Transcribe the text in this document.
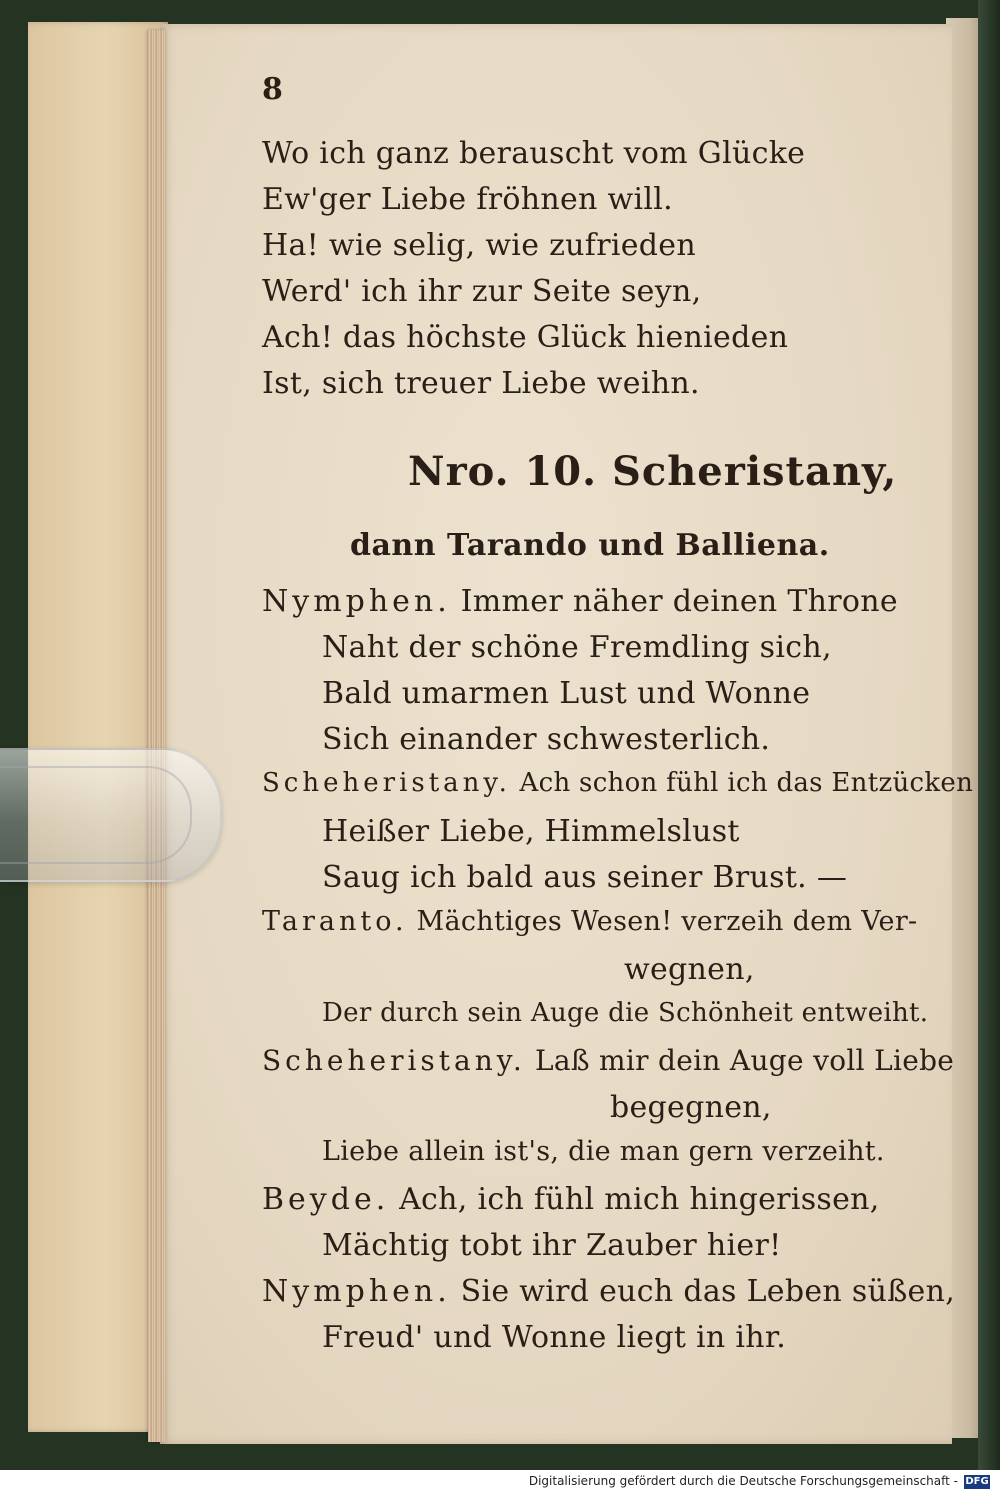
8
Wo ich ganz berauscht vom Glücke
Ew'ger Liebe fröhnen will.
Ha! wie selig, wie zufrieden
Werd' ich ihr zur Seite seyn,
Ach! das höchste Glück hienieden
Ist, sich treuer Liebe weihn.
Nro. 10. Scheristany,
dann Tarando und Balliena.
Nymphen. Immer näher deinen Throne
Naht der schöne Fremdling sich,
Bald umarmen Lust und Wonne
Sich einander schwesterlich.
Scheheristany. Ach schon fühl ich das Entzücken
Heißer Liebe, Himmelslust
Saug ich bald aus seiner Brust. —
Taranto. Mächtiges Wesen! verzeih dem Ver-
wegnen,
Der durch sein Auge die Schönheit entweiht.
Scheheristany. Laß mir dein Auge voll Liebe
begegnen,
Liebe allein ist's, die man gern verzeiht.
Beyde. Ach, ich fühl mich hingerissen,
Mächtig tobt ihr Zauber hier!
Nymphen. Sie wird euch das Leben süßen,
Freud' und Wonne liegt in ihr.
Digitalisierung gefördert durch die Deutsche Forschungsgemeinschaft - DFG
